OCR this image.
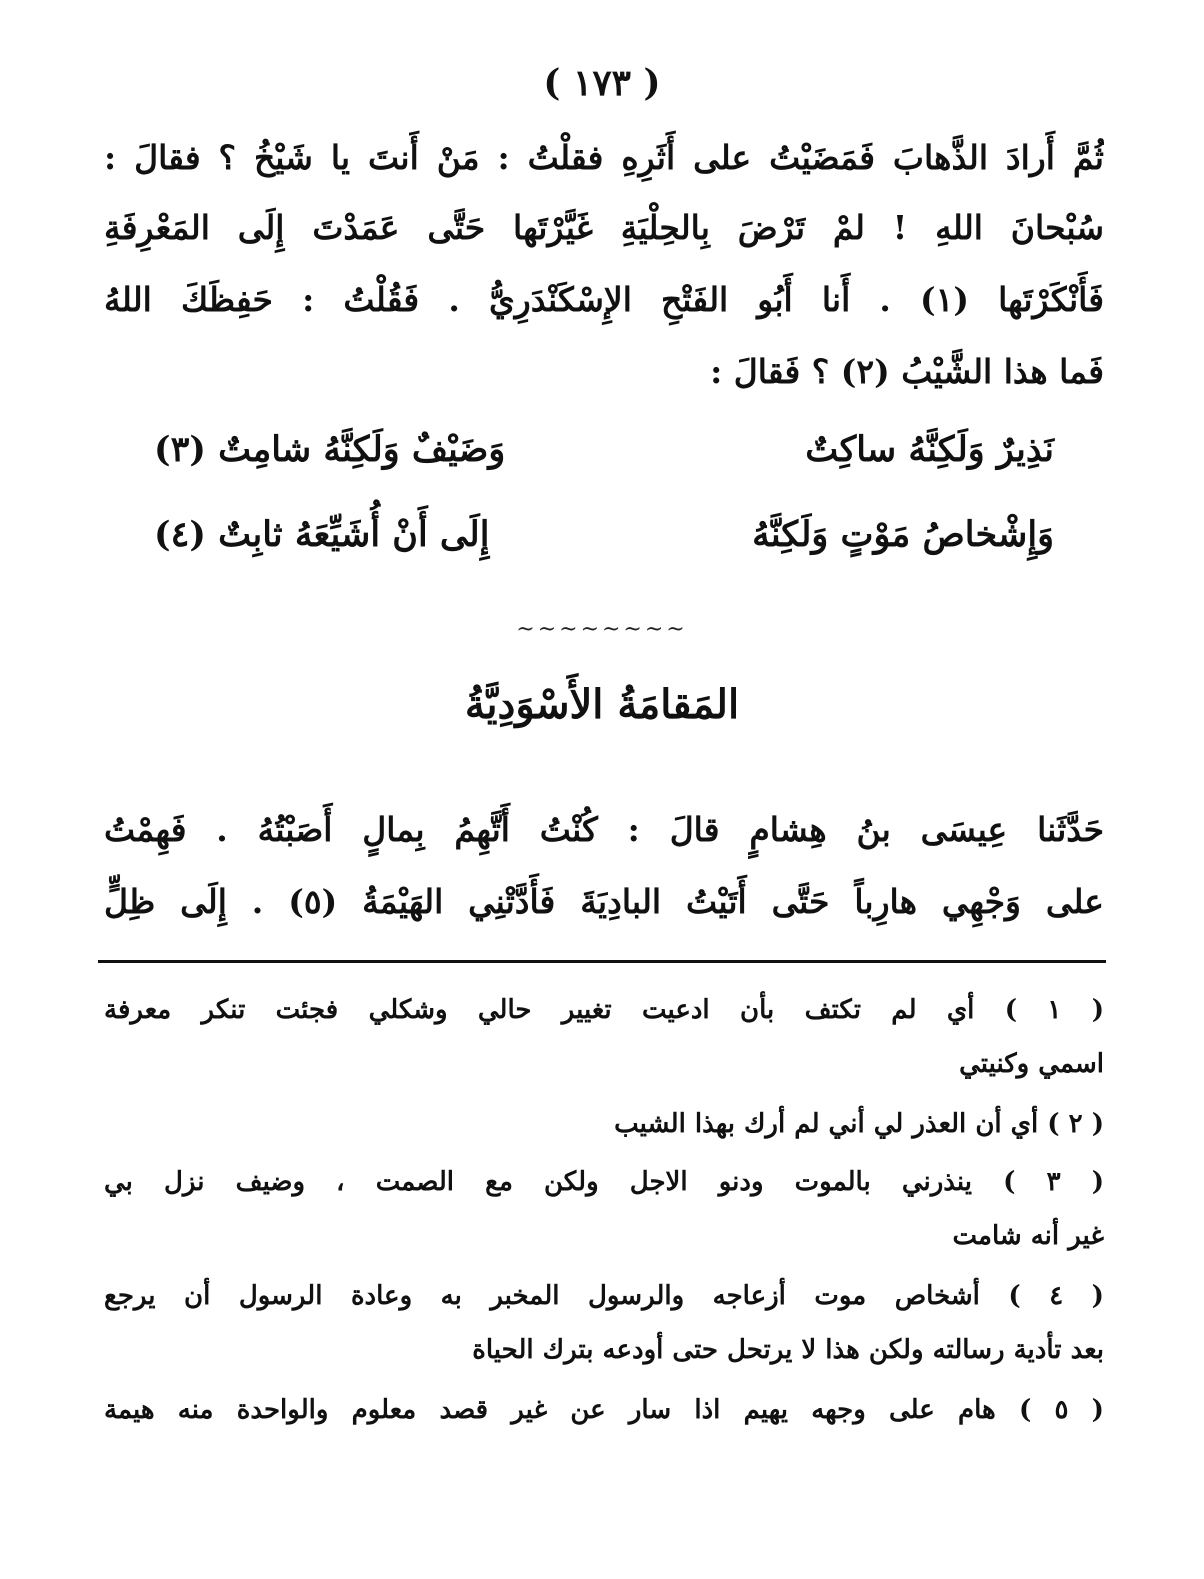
( ١٧٣ )
ثُمَّ أَرادَ الذَّهابَ فَمَضَيْتُ على أَثَرِهِ فقلْتُ : مَنْ أَنتَ يا شَيْخُ ؟ فقالَ :
سُبْحانَ اللهِ ! لمْ تَرْضَ بِالحِلْيَةِ غَيَّرْتَها حَتَّى عَمَدْتَ إِلَى المَعْرِفَةِ
فَأَنْكَرْتَها (١) . أَنا أَبُو الفَتْحِ الإِسْكَنْدَرِيُّ . فَقُلْتُ : حَفِظَكَ اللهُ
فَما هذا الشَّيْبُ (٢) ؟ فَقالَ :
نَذِيرٌ وَلَكِنَّهُ ساكِتٌ
وَضَيْفٌ وَلَكِنَّهُ شامِتٌ (٣)
وَإِشْخاصُ مَوْتٍ وَلَكِنَّهُ
إِلَى أَنْ أُشَيِّعَهُ ثابِتٌ (٤)
~~~~~~~~
المَقامَةُ الأَسْوَدِيَّةُ
حَدَّثَنا عِيسَى بنُ هِشامٍ قالَ : كُنْتُ أَتَّهِمُ بِمالٍ أَصَبْتُهُ . فَهِمْتُ
على وَجْهِي هارِباً حَتَّى أَتَيْتُ البادِيَةَ فَأَدَّتْنِي الهَيْمَةُ (٥) . إِلَى ظِلٍّ
( ١ ) أي لم تكتف بأن ادعيت تغيير حالي وشكلي فجئت تنكر معرفة
اسمي وكنيتي
( ٢ ) أي أن العذر لي أني لم أرك بهذا الشيب
( ٣ ) ينذرني بالموت ودنو الاجل ولكن مع الصمت ، وضيف نزل بي
غير أنه شامت
( ٤ ) أشخاص موت أزعاجه والرسول المخبر به وعادة الرسول أن يرجع
بعد تأدية رسالته ولكن هذا لا يرتحل حتى أودعه بترك الحياة
( ٥ ) هام على وجهه يهيم اذا سار عن غير قصد معلوم والواحدة منه هيمة
